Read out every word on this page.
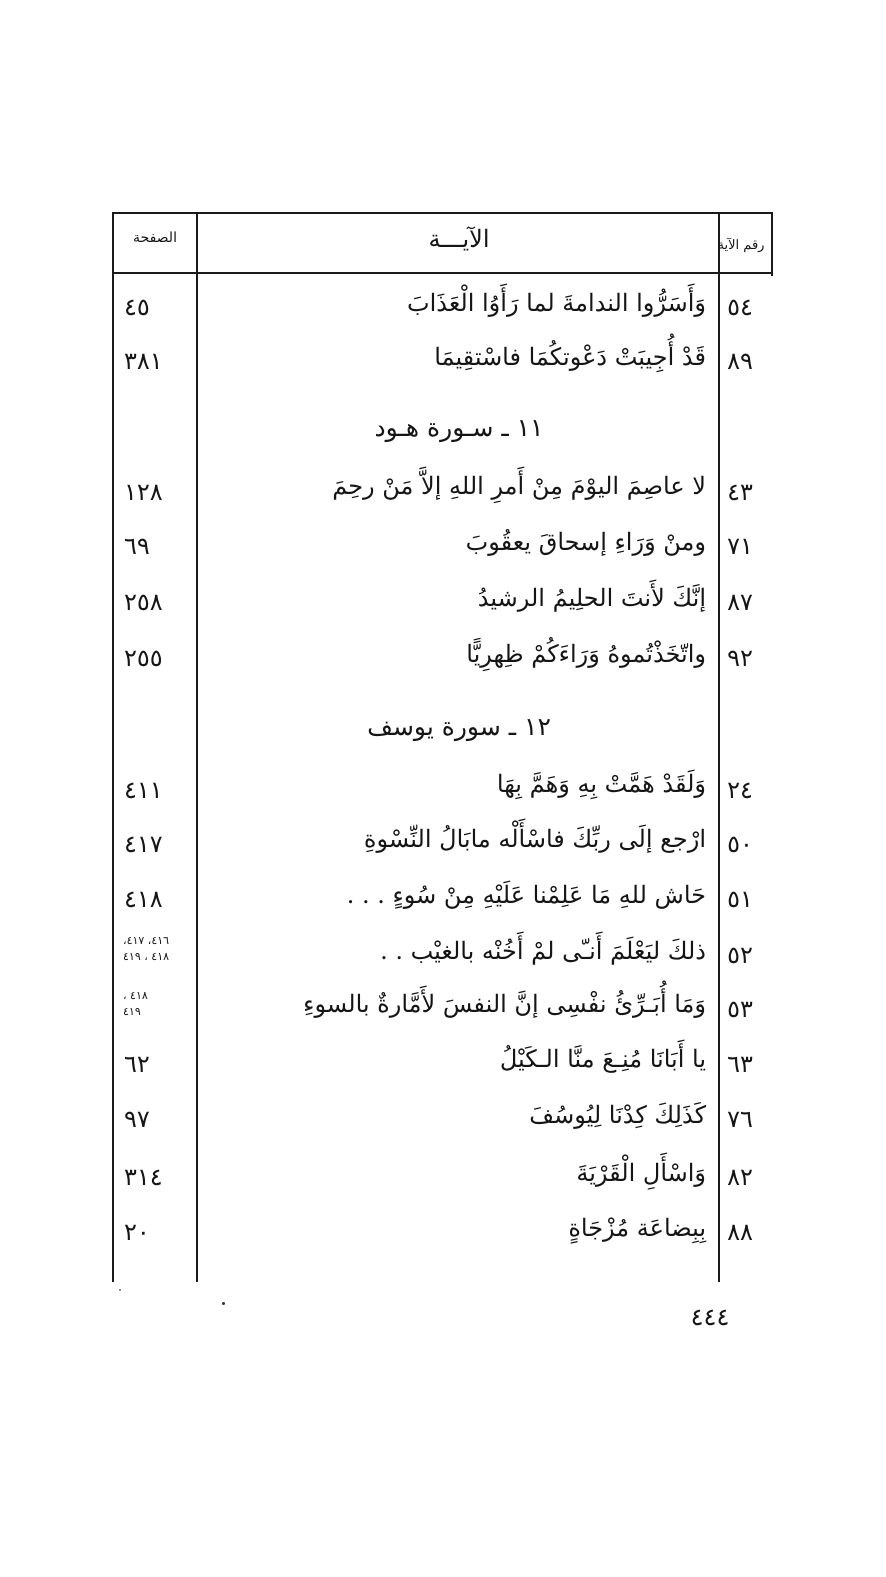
رقم الآية
الآيـــة
الصفحة
٥٤
وَأَسَرُّوا الندامةَ لما رَأَوُا الْعَذَابَ
٤٥
٨٩
قَدْ أُجِيبَتْ دَعْوتكُمَا فاسْتقِيمَا
٣٨١
١١ ـ سـورة هـود
٤٣
لا عاصِمَ اليوْمَ مِنْ أَمرِ اللهِ إلاَّ مَنْ رحِمَ
١٢٨
٧١
ومنْ وَرَاءِ إسحاقَ يعقُوبَ
٦٩
٨٧
إنَّكَ لأَنتَ الحلِيمُ الرشيدُ
٢٥٨
٩٢
واتّخَذْتُموهُ وَرَاءَكُمْ ظِهرِيًّا
٢٥٥
١٢ ـ سورة يوسف
٢٤
وَلَقَدْ هَمَّتْ بِهِ وَهَمَّ بِهَا
٤١١
٥٠
ارْجع إلَى ربِّكَ فاسْأَلْه مابَالُ النِّسْوةِ
٤١٧
٥١
حَاش للهِ مَا عَلِمْنا عَلَيْهِ مِنْ سُوءٍ . . .
٤١٨
٥٢
ذلكَ ليَعْلَمَ أَنـّى لمْ أَخُنْه بالغيْب . .
٤١٦، ٤١٧،
٤١٨ ، ٤١٩
٥٣
وَمَا أُبَـرِّئُ نفْسِى إنَّ النفسَ لأَمَّارةٌ بالسوءِ
٤١٨ ،
٤١٩
٦٣
يا أَبَانَا مُنِـعَ منَّا الـكَيْلُ
٦٢
٧٦
كَذَلِكَ كِدْنَا لِيُوسُفَ
٩٧
٨٢
وَاسْأَلِ الْقَرْيَةَ
٣١٤
٨٨
بِبِضاعَة مُزْجَاةٍ
٢٠
٤٤٤
